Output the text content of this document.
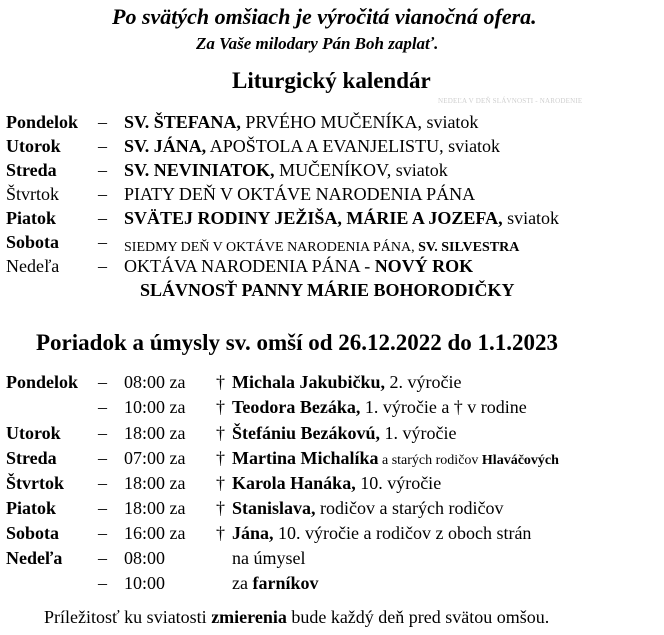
Po svätých omšiach je výročitá vianočná ofera.
Za Vaše milodary Pán Boh zaplať.
Liturgický kalendár
NEDEĽA V DEŇ SLÁVNOSTI - NARODENIE
Pondelok – SV. ŠTEFANA, PRVÉHO MUČENÍKA, sviatok
Utorok – SV. JÁNA, APOŠTOLA A EVANJELISTU, sviatok
Streda – SV. NEVINIATOK, MUČENÍKOV, sviatok
Štvrtok – PIATY DEŇ V OKTÁVE NARODENIA PÁNA
Piatok – SVÄTEJ RODINY JEŽIŠA, MÁRIE A JOZEFA, sviatok
Sobota – SIEDMY DEŇ V OKTÁVE NARODENIA PÁNA, SV. SILVESTRA
Nedeľa – OKTÁVA NARODENIA PÁNA - NOVÝ ROK
SLÁVNOSŤ PANNY MÁRIE BOHORODIČKY
Poriadok a úmysly sv. omší od 26.12.2022 do 1.1.2023
Pondelok – 08:00 za † Michala Jakubičku, 2. výročie
– 10:00 za † Teodora Bezáka, 1. výročie a † v rodine
Utorok – 18:00 za † Štefániu Bezákovú, 1. výročie
Streda – 07:00 za † Martina Michalíka a starých rodičov Hlaváčových
Štvrtok – 18:00 za † Karola Hanáka, 10. výročie
Piatok – 18:00 za † Stanislava, rodičov a starých rodičov
Sobota – 16:00 za † Jána, 10. výročie a rodičov z oboch strán
Nedeľa – 08:00	na úmysel
– 10:00	za farníkov
Príležitosť ku sviatosti zmierenia bude každý deň pred svätou omšou.
